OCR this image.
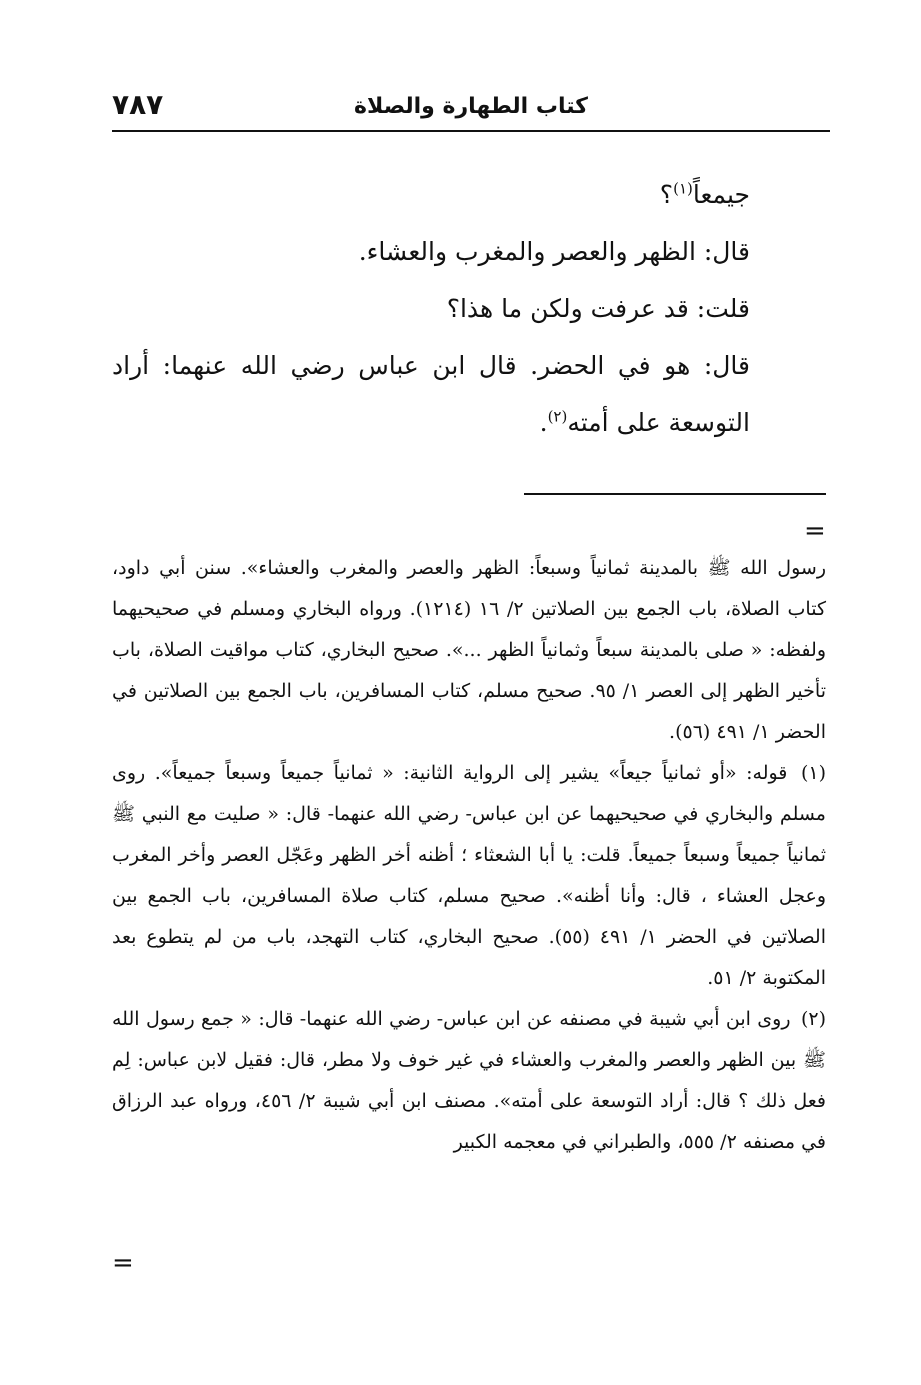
٧٨٧	كتاب الطهارة والصلاة

جيمعاً$^{(١)}$؟

قال: الظهر والعصر والمغرب والعشاء.

قلت: قد عرفت ولكن ما هذا؟

قال: هو في الحضر. قال ابن عباس رضي الله عنهما: أراد التوسعة على أمته$^{(٢)}$.

=

رسول الله ﷺ بالمدينة ثمانياً وسبعاً: الظهر والعصر والمغرب والعشاء». سنن أبي داود، كتاب الصلاة، باب الجمع بين الصلاتين ٢/ ١٦ (١٢١٤). ورواه البخاري ومسلم في صحيحيهما ولفظه: « صلى بالمدينة سبعاً وثمانياً الظهر ...». صحيح البخاري، كتاب مواقيت الصلاة، باب تأخير الظهر إلى العصر ١/ ٩٥. صحيح مسلم، كتاب المسافرين، باب الجمع بين الصلاتين في الحضر ١/ ٤٩١ (٥٦).

(١) قوله: «أو ثمانياً جيعاً» يشير إلى الرواية الثانية: « ثمانياً جميعاً وسبعاً جميعاً». روى مسلم والبخاري في صحيحيهما عن ابن عباس- رضي الله عنهما- قال: « صليت مع النبي ﷺ ثمانياً جميعاً وسبعاً جميعاً. قلت: يا أبا الشعثاء ؛ أظنه أخر الظهر وعَجّل العصر وأخر المغرب وعجل العشاء ، قال: وأنا أظنه». صحيح مسلم، كتاب صلاة المسافرين، باب الجمع بين الصلاتين في الحضر ١/ ٤٩١ (٥٥). صحيح البخاري، كتاب التهجد، باب من لم يتطوع بعد المكتوبة ٢/ ٥١.

(٢) روى ابن أبي شيبة في مصنفه عن ابن عباس- رضي الله عنهما- قال: « جمع رسول الله ﷺ بين الظهر والعصر والمغرب والعشاء في غير خوف ولا مطر، قال: فقيل لابن عباس: لِم فعل ذلك ؟ قال: أراد التوسعة على أمته». مصنف ابن أبي شيبة ٢/ ٤٥٦، ورواه عبد الرزاق في مصنفه ٢/ ٥٥٥، والطبراني في معجمه الكبير

=
